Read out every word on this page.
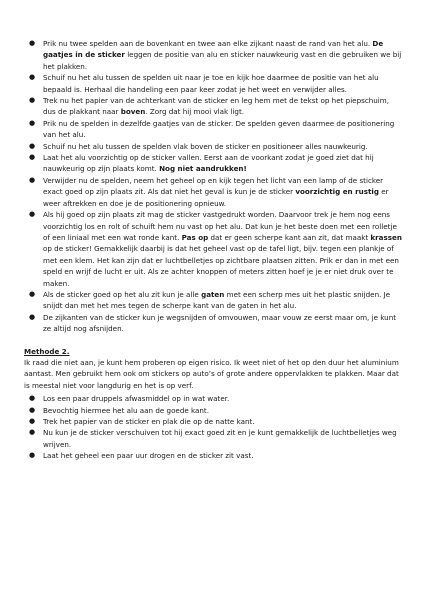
● Prik nu twee spelden aan de bovenkant en twee aan elke zijkant naast de rand van het alu. De gaatjes in de sticker leggen de positie van alu en sticker nauwkeurig vast en die gebruiken we bij het plakken.
● Schuif nu het alu tussen de spelden uit naar je toe en kijk hoe daarmee de positie van het alu bepaald is. Herhaal die handeling een paar keer zodat je het weet en verwijder alles.
● Trek nu het papier van de achterkant van de sticker en leg hem met de tekst op het piepschuim, dus de plakkant naar boven. Zorg dat hij mooi vlak ligt.
● Prik nu de spelden in dezelfde gaatjes van de sticker. De spelden geven daarmee de positionering van het alu.
● Schuif nu het alu tussen de spelden vlak boven de sticker en positioneer alles nauwkeurig.
● Laat het alu voorzichtig op de sticker vallen. Eerst aan de voorkant zodat je goed ziet dat hij nauwkeurig op zijn plaats komt. Nog niet aandrukken!
● Verwijder nu de spelden, neem het geheel op en kijk tegen het licht van een lamp of de sticker exact goed op zijn plaats zit. Als dat niet het geval is kun je de sticker voorzichtig en rustig er weer aftrekken en doe je de positionering opnieuw.
● Als hij goed op zijn plaats zit mag de sticker vastgedrukt worden. Daarvoor trek je hem nog eens voorzichtig los en rolt of schuift hem nu vast op het alu. Dat kun je het beste doen met een rolletje of een liniaal met een wat ronde kant. Pas op dat er geen scherpe kant aan zit, dat maakt krassen op de sticker! Gemakkelijk daarbij is dat het geheel vast op de tafel ligt, bijv. tegen een plankje of met een klem. Het kan zijn dat er luchtbelletjes op zichtbare plaatsen zitten. Prik er dan in met een speld en wrijf de lucht er uit. Als ze achter knoppen of meters zitten hoef je je er niet druk over te maken.
● Als de sticker goed op het alu zit kun je alle gaten met een scherp mes uit het plastic snijden. Je snijdt dan met het mes tegen de scherpe kant van de gaten in het alu.
● De zijkanten van de sticker kun je wegsnijden of omvouwen, maar vouw ze eerst maar om, je kunt ze altijd nog afsnijden.
Methode 2.

Ik raad die niet aan, je kunt hem proberen op eigen risico. Ik weet niet of het op den duur het aluminium aantast. Men gebruikt hem ook om stickers op auto’s of grote andere oppervlakken te plakken. Maar dat is meestal niet voor langdurig en het is op verf.

● Los een paar druppels afwasmiddel op in wat water.
● Bevochtig hiermee het alu aan de goede kant.
● Trek het papier van de sticker en plak die op de natte kant.
● Nu kun je de sticker verschuiven tot hij exact goed zit en je kunt gemakkelijk de luchtbelletjes weg wrijven.
● Laat het geheel een paar uur drogen en de sticker zit vast.
